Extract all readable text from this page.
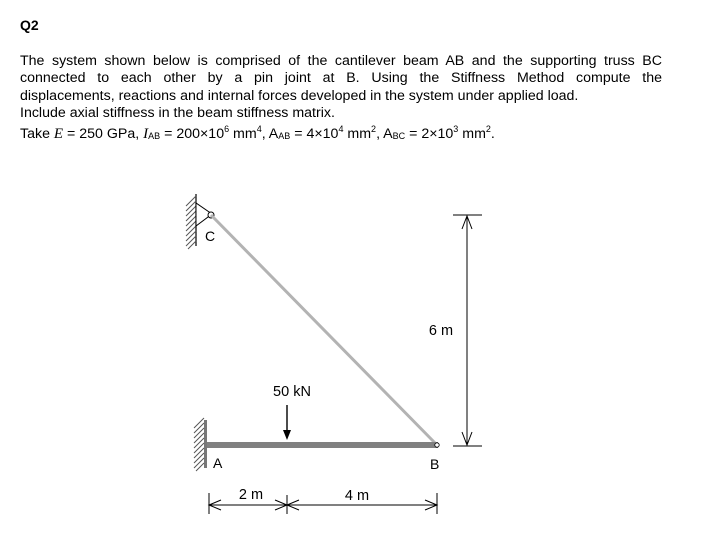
Q2
The system shown below is comprised of the cantilever beam AB and the supporting truss BC
connected to each other by a pin joint at B. Using the Stiffness Method compute the
displacements, reactions and internal forces developed in the system under applied load.
Include axial stiffness in the beam stiffness matrix.
Take E = 250 GPa, IAB = $200\times 10^6$ $mm^4$, AAB = $4\times 10^4$ $mm^2$, ABC = $2\times 10^3$ $mm^2$.
50 kN
C
A	B
6 m
2 m	4 m
